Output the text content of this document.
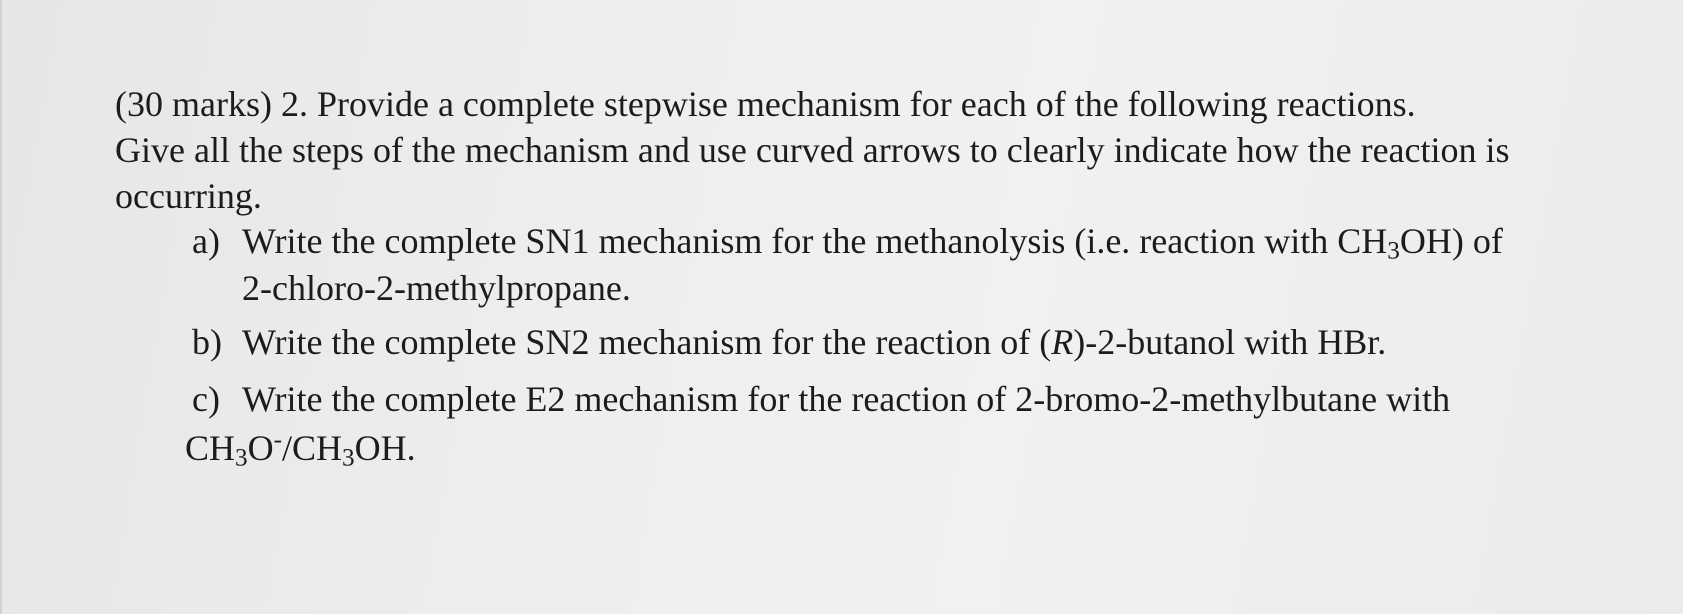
(30 marks) 2. Provide a complete stepwise mechanism for each of the following reactions.
Give all the steps of the mechanism and use curved arrows to clearly indicate how the reaction is
occurring.
a) Write the complete SN1 mechanism for the methanolysis (i.e. reaction with $CH_3OH$) of
2-chloro-2-methylpropane.
b) Write the complete SN2 mechanism for the reaction of (R)-2-butanol with HBr.
c) Write the complete E2 mechanism for the reaction of 2-bromo-2-methylbutane with
$CH_3O^-/CH_3OH$.
